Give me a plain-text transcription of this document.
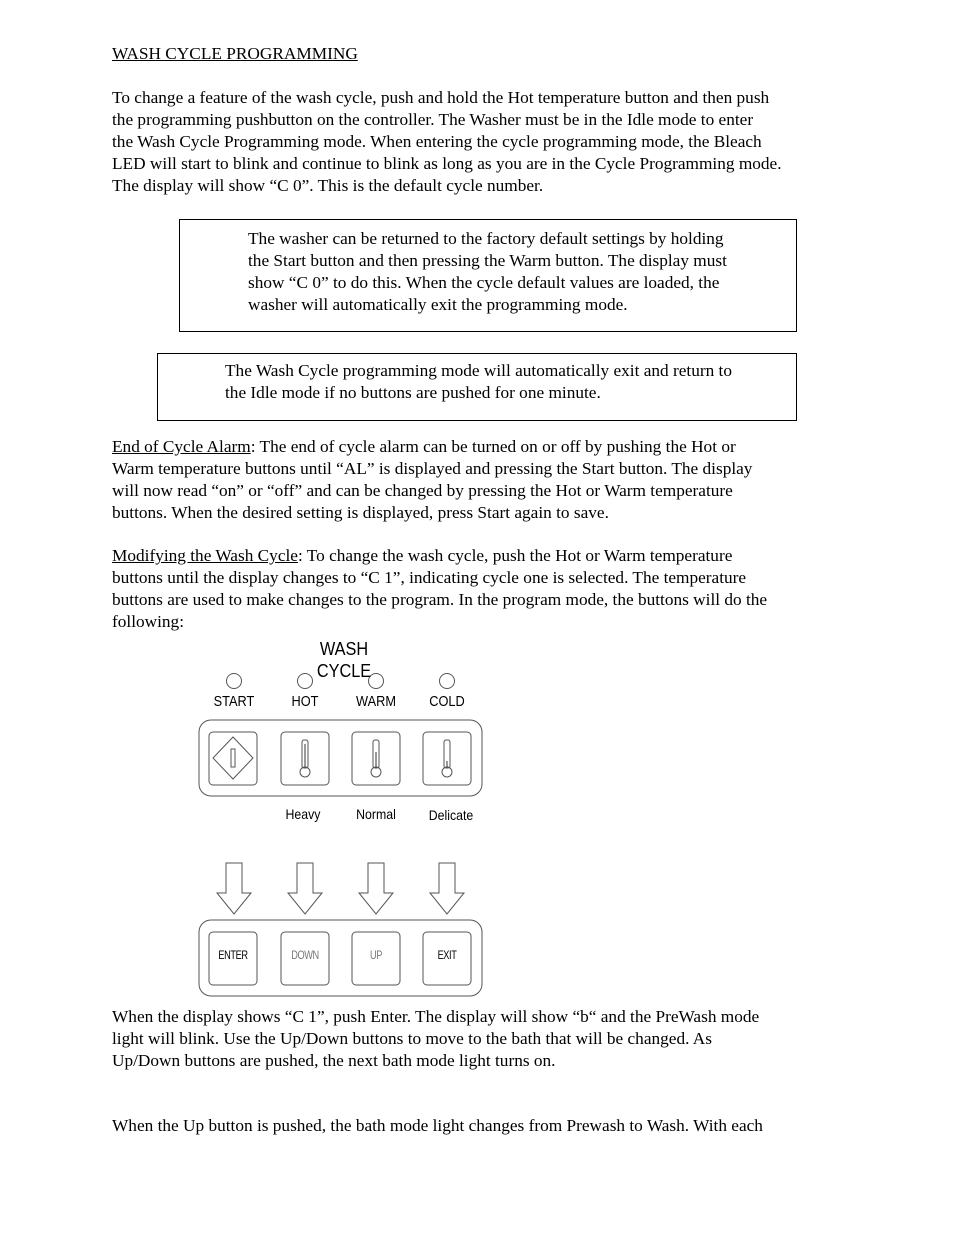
WASH CYCLE PROGRAMMING

To change a feature of the wash cycle, push and hold the Hot temperature button and then push

the programming pushbutton on the controller. The Washer must be in the Idle mode to enter

the Wash Cycle Programming mode. When entering the cycle programming mode, the Bleach

LED will start to blink and continue to blink as long as you are in the Cycle Programming mode.

The display will show “C 0”. This is the default cycle number.

The washer can be returned to the factory default settings by holding

the Start button and then pressing the Warm button. The display must

show “C 0” to do this. When the cycle default values are loaded, the

washer will automatically exit the programming mode.

The Wash Cycle programming mode will automatically exit and return to

the Idle mode if no buttons are pushed for one minute.

End of Cycle Alarm: The end of cycle alarm can be turned on or off by pushing the Hot or

Warm temperature buttons until “AL” is displayed and pressing the Start button. The display

will now read “on” or “off” and can be changed by pressing the Hot or Warm temperature

buttons. When the desired setting is displayed, press Start again to save.

Modifying the Wash Cycle: To change the wash cycle, push the Hot or Warm temperature

buttons until the display changes to “C 1”, indicating cycle one is selected. The temperature

buttons are used to make changes to the program. In the program mode, the buttons will do the

following:

WASH CYCLE
START	HOT	WARM	COLD
Heavy	Normal	Delicate
ENTER	DOWN	UP	EXIT

When the display shows “C 1”, push Enter. The display will show “b“ and the PreWash mode

light will blink. Use the Up/Down buttons to move to the bath that will be changed. As

Up/Down buttons are pushed, the next bath mode light turns on.

When the Up button is pushed, the bath mode light changes from Prewash to Wash. With each
